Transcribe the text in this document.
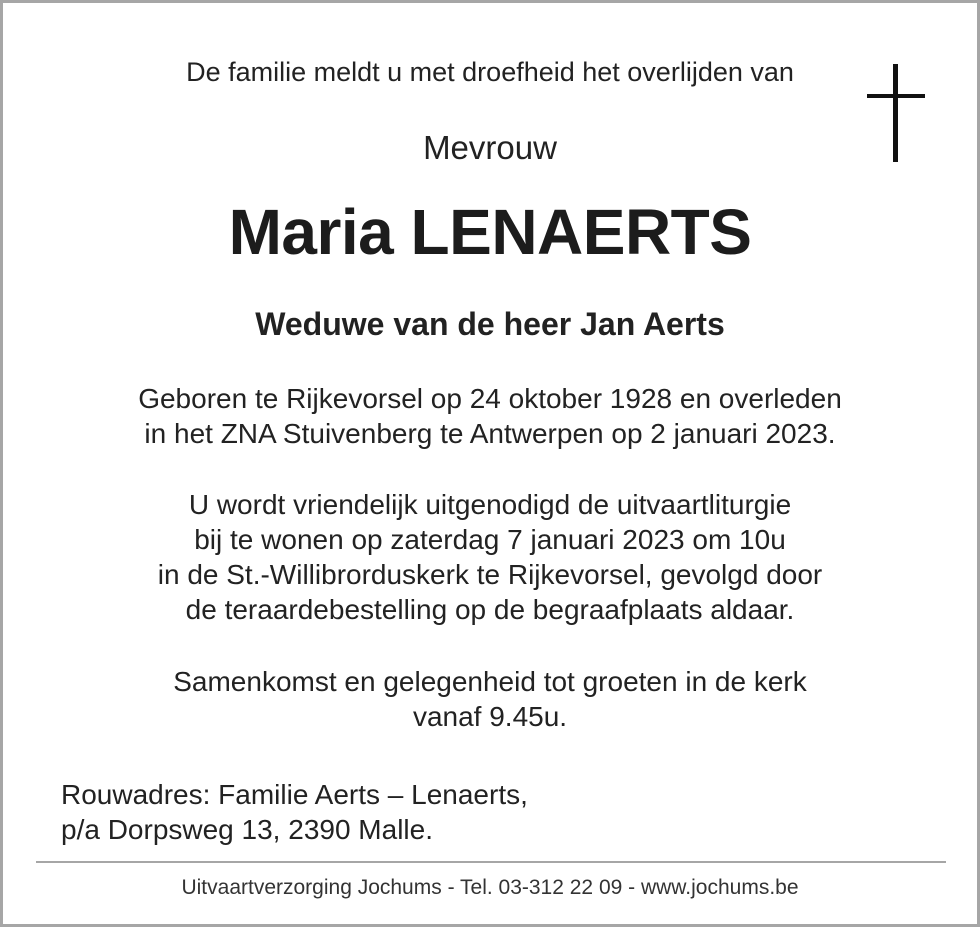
De familie meldt u met droefheid het overlijden van

Mevrouw

Maria LENAERTS

Weduwe van de heer Jan Aerts

Geboren te Rijkevorsel op 24 oktober 1928 en overleden
in het ZNA Stuivenberg te Antwerpen op 2 januari 2023.
U wordt vriendelijk uitgenodigd de uitvaartliturgie
bij te wonen op zaterdag 7 januari 2023 om 10u
in de St.-Willibrorduskerk te Rijkevorsel, gevolgd door
de teraardebestelling op de begraafplaats aldaar.
Samenkomst en gelegenheid tot groeten in de kerk
vanaf 9.45u.
Rouwadres: Familie Aerts – Lenaerts,
p/a Dorpsweg 13, 2390 Malle.

Uitvaartverzorging Jochums - Tel. 03-312 22 09 - www.jochums.be
